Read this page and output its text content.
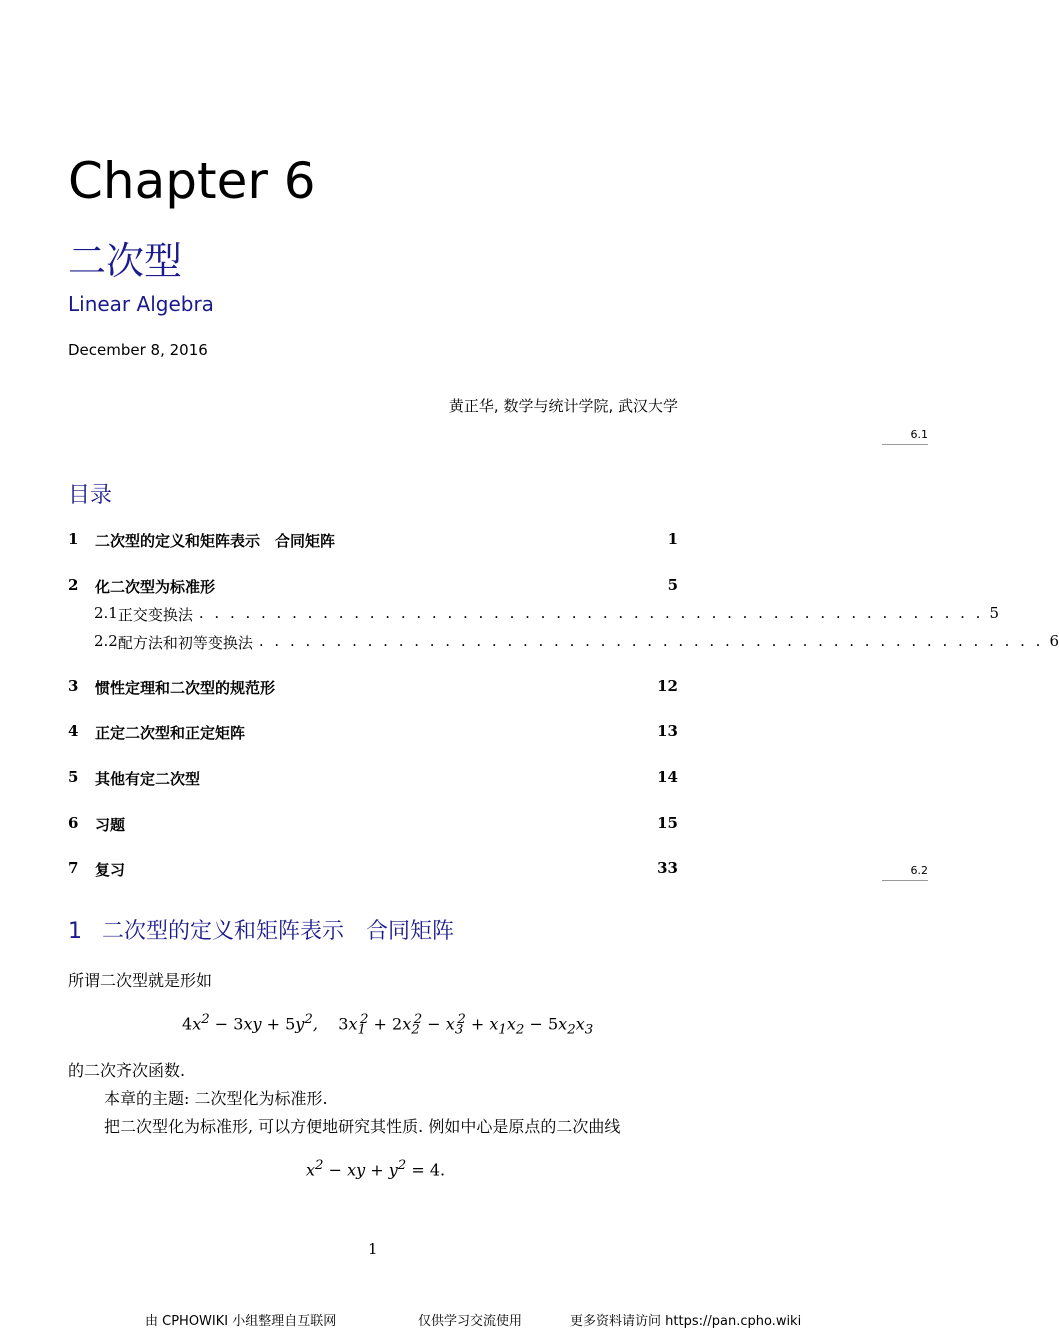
Chapter 6
二次型
Linear Algebra
December 8, 2016
黄正华, 数学与统计学院, 武汉大学
6.1
6.2
目录
1	二次型的定义和矩阵表示　合同矩阵	1
2	化二次型为标准形	5
2.1 正交变换法 . . . . . . . . . . . . . . . . . . . . . . . . . . . . . . . . . . . . . . . . . . . . . . . . . . . 5
2.2 配方法和初等变换法 . . . . . . . . . . . . . . . . . . . . . . . . . . . . . . . . . . . . . . . . . . . . . . . . . . . 6
3	惯性定理和二次型的规范形	12
4	正定二次型和正定矩阵	13
5	其他有定二次型	14
6	习题	15
7	复习	33
1 二次型的定义和矩阵表示　合同矩阵
所谓二次型就是形如
$4x^2 - 3xy + 5y^2$,    $3x_1^2 + 2x_2^2 - x_3^2 + x_1x_2 - 5x_2x_3$
的二次齐次函数.
本章的主题: 二次型化为标准形.
把二次型化为标准形, 可以方便地研究其性质. 例如中心是原点的二次曲线
$x^2$ − xy + $y^2 = 4$.
1
由 CPHOWIKI 小组整理自互联网	仅供学习交流使用	更多资料请访问 https://pan.cpho.wiki
